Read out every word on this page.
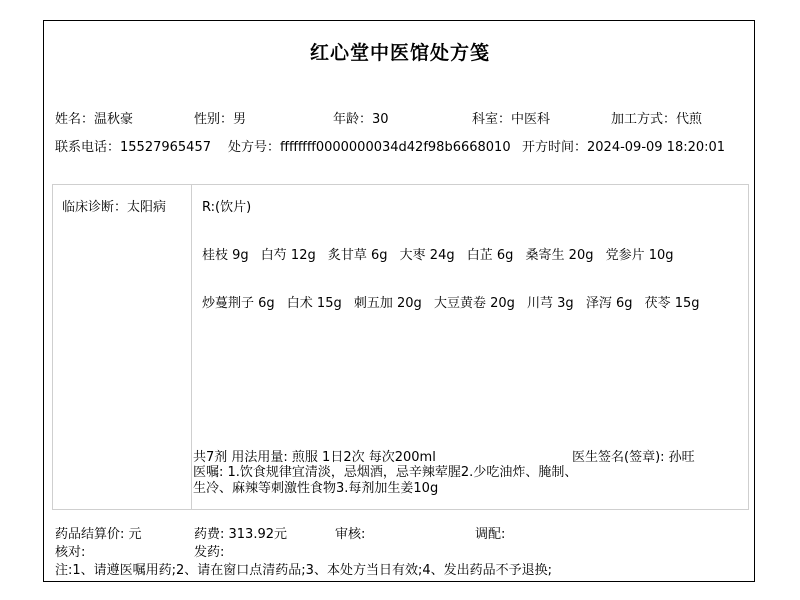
红心堂中医馆处方笺
姓名：温秋豪	性别：男	年龄：30	科室：中医科	加工方式：代煎
联系电话：15527965457 处方号：ffffffff0000000034d42f98b6668010 开方时间：2024-09-09 18:20:01
临床诊断：太阳病	R:(饮片)
桂枝 9g 白芍 12g 炙甘草 6g 大枣 24g 白芷 6g 桑寄生 20g 党参片 10g
炒蔓荆子 6g 白术 15g 刺五加 20g 大豆黄卷 20g 川芎 3g 泽泻 6g 茯苓 15g
共7剂 用法用量: 煎服 1日2次 每次200ml	医生签名(签章): 孙旺
医嘱: 1.饮食规律宜清淡，忌烟酒，忌辛辣荤腥2.少吃油炸、腌制、生冷、麻辣等刺激性食物3.每剂加生姜10g
药品结算价: 元	药费: 313.92元	审核:	调配:
核对:	发药:
注:1、请遵医嘱用药;2、请在窗口点清药品;3、本处方当日有效;4、发出药品不予退换;
